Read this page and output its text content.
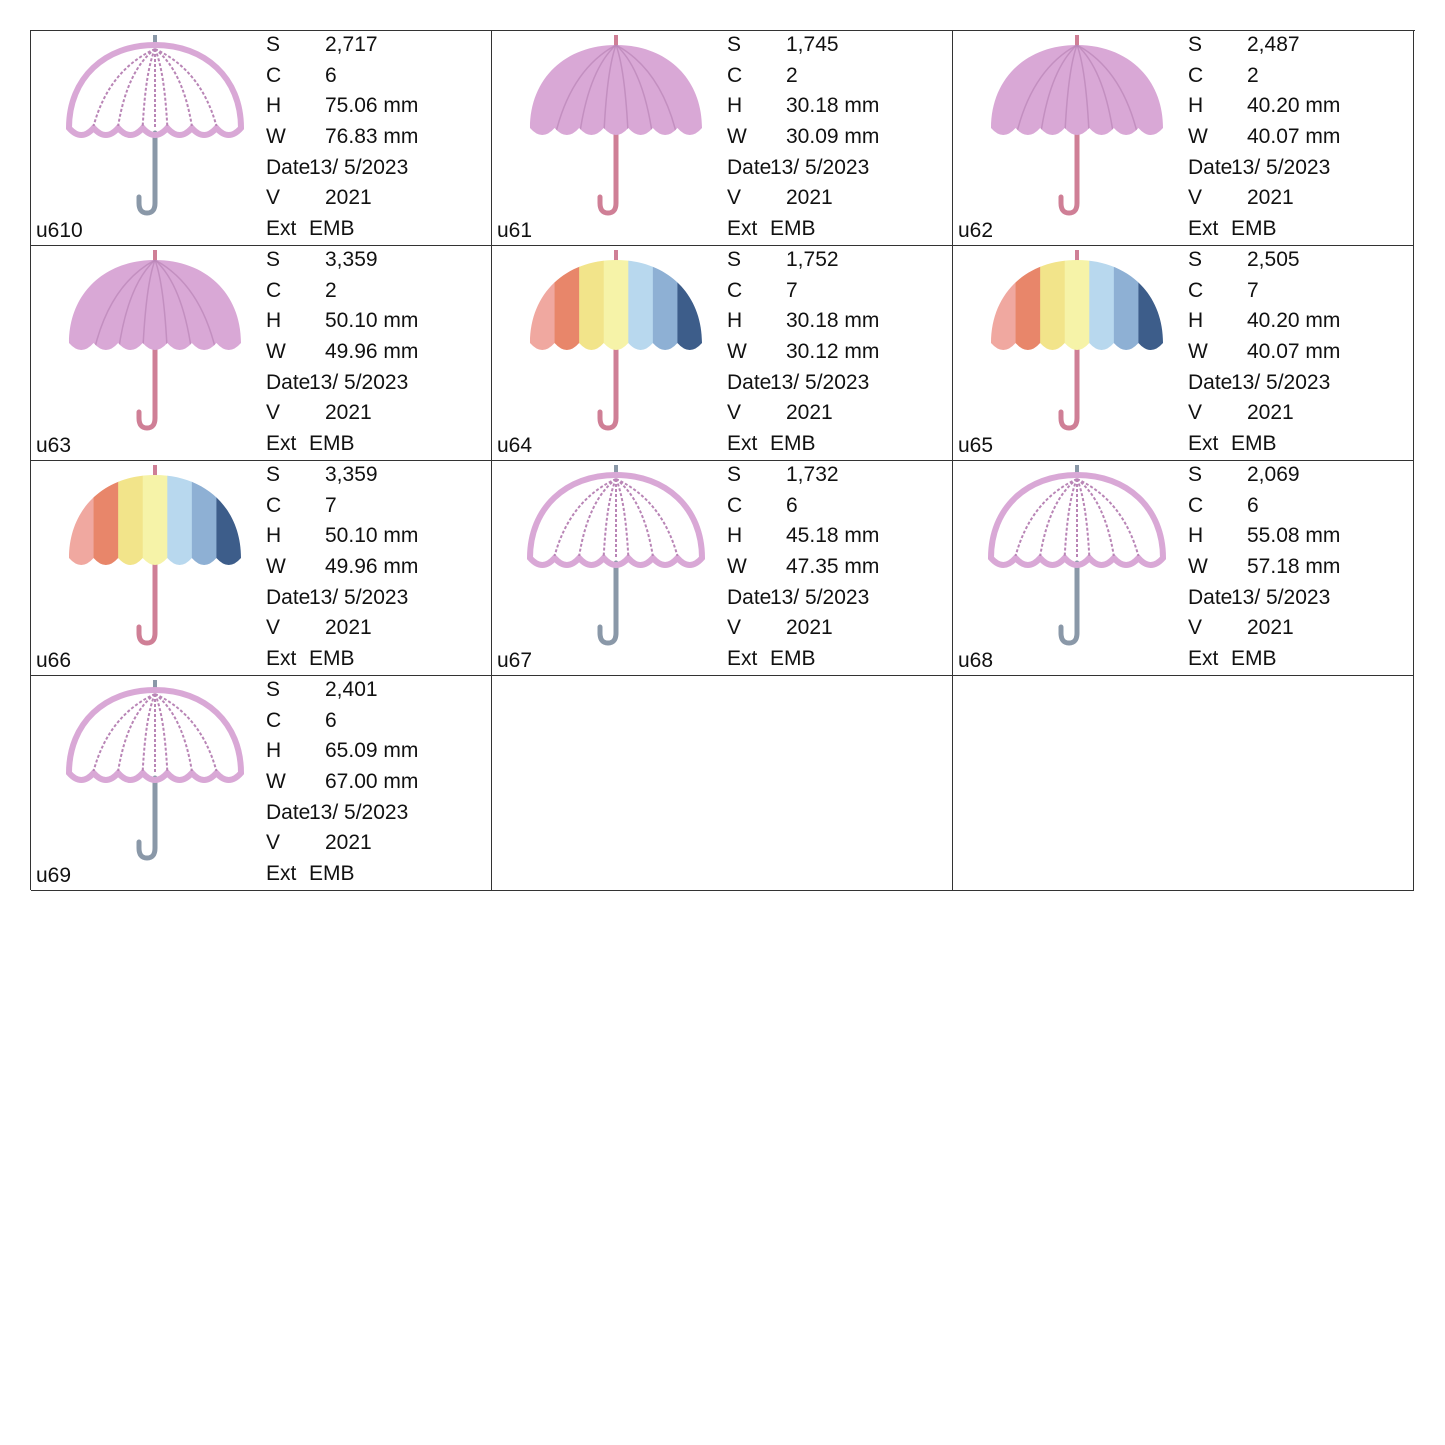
u610
S 2,717
C 6
H 75.06 mm
W 76.83 mm
Date
13/ 5/2023
V 2021
Ext EMB	u61
S 1,745
C 2
H 30.18 mm
W 30.09 mm
Date
13/ 5/2023
V 2021
Ext EMB	u62
S 2,487
C 2
H 40.20 mm
W 40.07 mm
Date
13/ 5/2023
V 2021
Ext EMB
u63
S 3,359
C 2
H 50.10 mm
W 49.96 mm
Date
13/ 5/2023
V 2021
Ext EMB	u64
S 1,752
C 7
H 30.18 mm
W 30.12 mm
Date
13/ 5/2023
V 2021
Ext EMB	u65
S 2,505
C 7
H 40.20 mm
W 40.07 mm
Date
13/ 5/2023
V 2021
Ext EMB
u66
S 3,359
C 7
H 50.10 mm
W 49.96 mm
Date
13/ 5/2023
V 2021
Ext EMB	u67
S 1,732
C 6
H 45.18 mm
W 47.35 mm
Date
13/ 5/2023
V 2021
Ext EMB	u68
S 2,069
C 6
H 55.08 mm
W 57.18 mm
Date
13/ 5/2023
V 2021
Ext EMB
u69
S 2,401
C 6
H 65.09 mm
W 67.00 mm
Date
13/ 5/2023
V 2021
Ext EMB
